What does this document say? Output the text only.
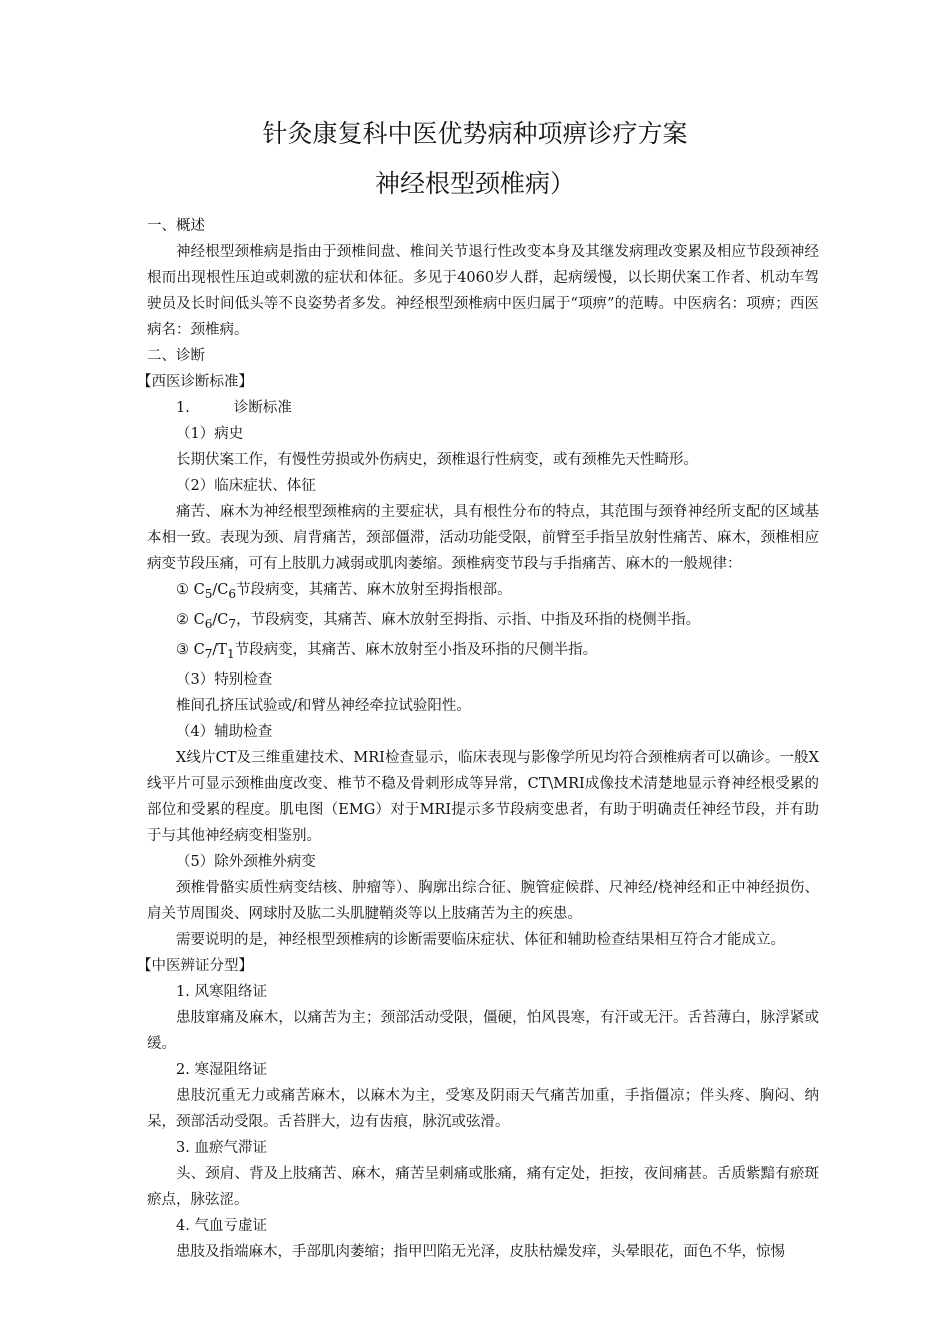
针灸康复科中医优势病种项痹诊疗方案
神经根型颈椎病）

一、概述

神经根型颈椎病是指由于颈椎间盘、椎间关节退行性改变本身及其继发病理改变累及相应节段颈神经根而出现根性压迫或刺激的症状和体征。多见于4060岁人群，起病缓慢，以长期伏案工作者、机动车驾驶员及长时间低头等不良姿势者多发。神经根型颈椎病中医归属于“项痹”的范畴。中医病名：项痹；西医病名：颈椎病。

二、诊断

【西医诊断标准】

1.	诊断标准

（1）病史

长期伏案工作，有慢性劳损或外伤病史，颈椎退行性病变，或有颈椎先天性畸形。

（2）临床症状、体征

痛苦、麻木为神经根型颈椎病的主要症状，具有根性分布的特点，其范围与颈脊神经所支配的区域基本相一致。表现为颈、肩背痛苦，颈部僵滞，活动功能受限，前臂至手指呈放射性痛苦、麻木，颈椎相应病变节段压痛，可有上肢肌力减弱或肌肉萎缩。颈椎病变节段与手指痛苦、麻木的一般规律：

① $C_5/C_6$节段病变，其痛苦、麻木放射至拇指根部。

② $C_6/C_7$，节段病变，其痛苦、麻木放射至拇指、示指、中指及环指的桡侧半指。

③ $C_7/T_1$节段病变，其痛苦、麻木放射至小指及环指的尺侧半指。

（3）特别检查

椎间孔挤压试验或/和臂丛神经牵拉试验阳性。

（4）辅助检查

X线片CT及三维重建技术、MRI检查显示，临床表现与影像学所见均符合颈椎病者可以确诊。一般X线平片可显示颈椎曲度改变、椎节不稳及骨刺形成等异常，CT\MRI成像技术清楚地显示脊神经根受累的部位和受累的程度。肌电图（EMG）对于MRI提示多节段病变患者，有助于明确责任神经节段，并有助于与其他神经病变相鉴别。

（5）除外颈椎外病变

颈椎骨骼实质性病变结核、肿瘤等）、胸廓出综合征、腕管症候群、尺神经/桡神经和正中神经损伤、肩关节周围炎、网球肘及肱二头肌腱鞘炎等以上肢痛苦为主的疾患。

需要说明的是，神经根型颈椎病的诊断需要临床症状、体征和辅助检查结果相互符合才能成立。

【中医辨证分型】

1. 风寒阻络证

患肢窜痛及麻木，以痛苦为主；颈部活动受限，僵硬，怕风畏寒，有汗或无汗。舌苔薄白，脉浮紧或缓。

2. 寒湿阻络证

患肢沉重无力或痛苦麻木，以麻木为主，受寒及阴雨天气痛苦加重，手指僵凉；伴头疼、胸闷、纳呆，颈部活动受限。舌苔胖大，边有齿痕，脉沉或弦滑。

3. 血瘀气滞证

头、颈肩、背及上肢痛苦、麻木，痛苦呈刺痛或胀痛，痛有定处，拒按，夜间痛甚。舌质紫黯有瘀斑瘀点，脉弦涩。

4. 气血亏虚证

患肢及指端麻木，手部肌肉萎缩；指甲凹陷无光泽，皮肤枯燥发痒，头晕眼花，面色不华，惊惕
